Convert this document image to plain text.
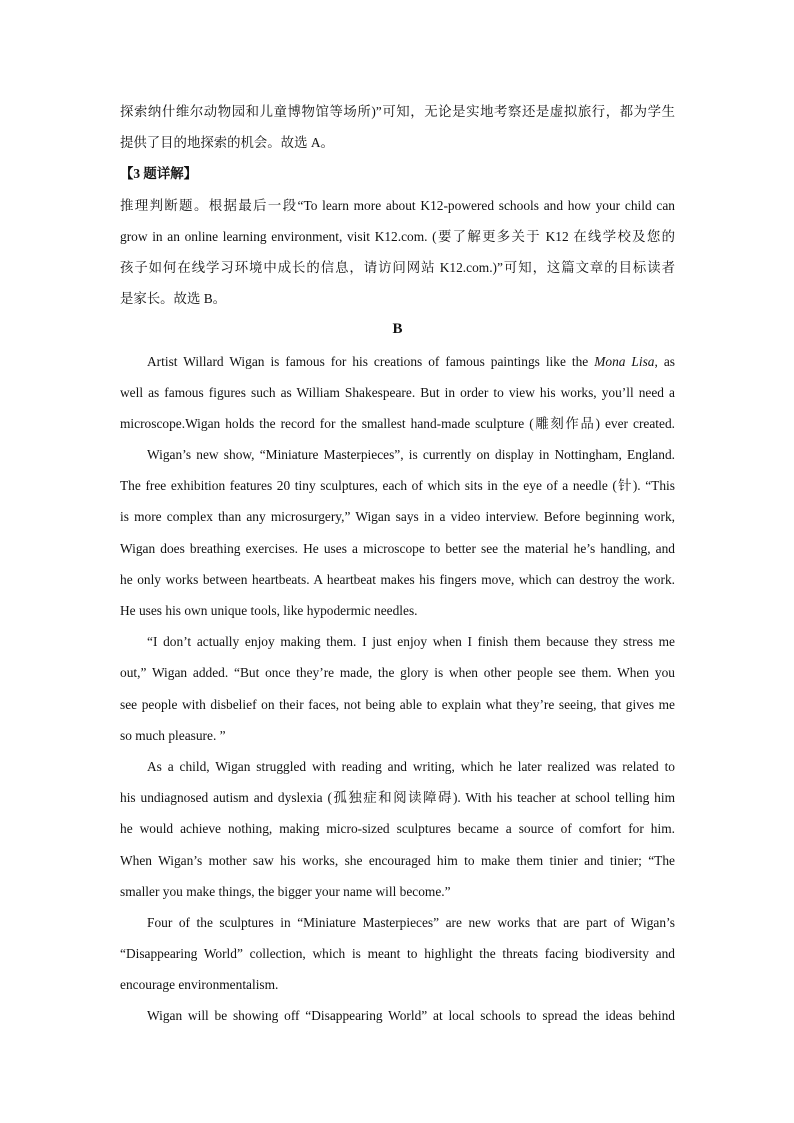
探索纳什维尔动物园和儿童博物馆等场所)”可知，无论是实地考察还是虚拟旅行，都为学生
提供了目的地探索的机会。故选 A。
【3 题详解】
推理判断题。根据最后一段“To learn more about K12-powered schools and how your child can
grow in an online learning environment, visit K12.com. (要了解更多关于 K12 在线学校及您的
孩子如何在线学习环境中成长的信息，请访问网站 K12.com.)”可知，这篇文章的目标读者
是家长。故选 B。
B
Artist Willard Wigan is famous for his creations of famous paintings like the Mona Lisa, as
well as famous figures such as William Shakespeare. But in order to view his works, you’ll need a
microscope.Wigan holds the record for the smallest hand-made sculpture (雕刻作品) ever created.
Wigan’s new show, “Miniature Masterpieces”, is currently on display in Nottingham, England.
The free exhibition features 20 tiny sculptures, each of which sits in the eye of a needle (针). “This
is more complex than any microsurgery,” Wigan says in a video interview. Before beginning work,
Wigan does breathing exercises. He uses a microscope to better see the material he’s handling, and
he only works between heartbeats. A heartbeat makes his fingers move, which can destroy the work.
He uses his own unique tools, like hypodermic needles.
“I don’t actually enjoy making them. I just enjoy when I finish them because they stress me
out,” Wigan added. “But once they’re made, the glory is when other people see them. When you
see people with disbelief on their faces, not being able to explain what they’re seeing, that gives me
so much pleasure. ”
As a child, Wigan struggled with reading and writing, which he later realized was related to
his undiagnosed autism and dyslexia (孤独症和阅读障碍). With his teacher at school telling him
he would achieve nothing, making micro-sized sculptures became a source of comfort for him.
When Wigan’s mother saw his works, she encouraged him to make them tinier and tinier; “The
smaller you make things, the bigger your name will become.”
Four of the sculptures in “Miniature Masterpieces” are new works that are part of Wigan’s
“Disappearing World” collection, which is meant to highlight the threats facing biodiversity and
encourage environmentalism.
Wigan will be showing off “Disappearing World” at local schools to spread the ideas behind
